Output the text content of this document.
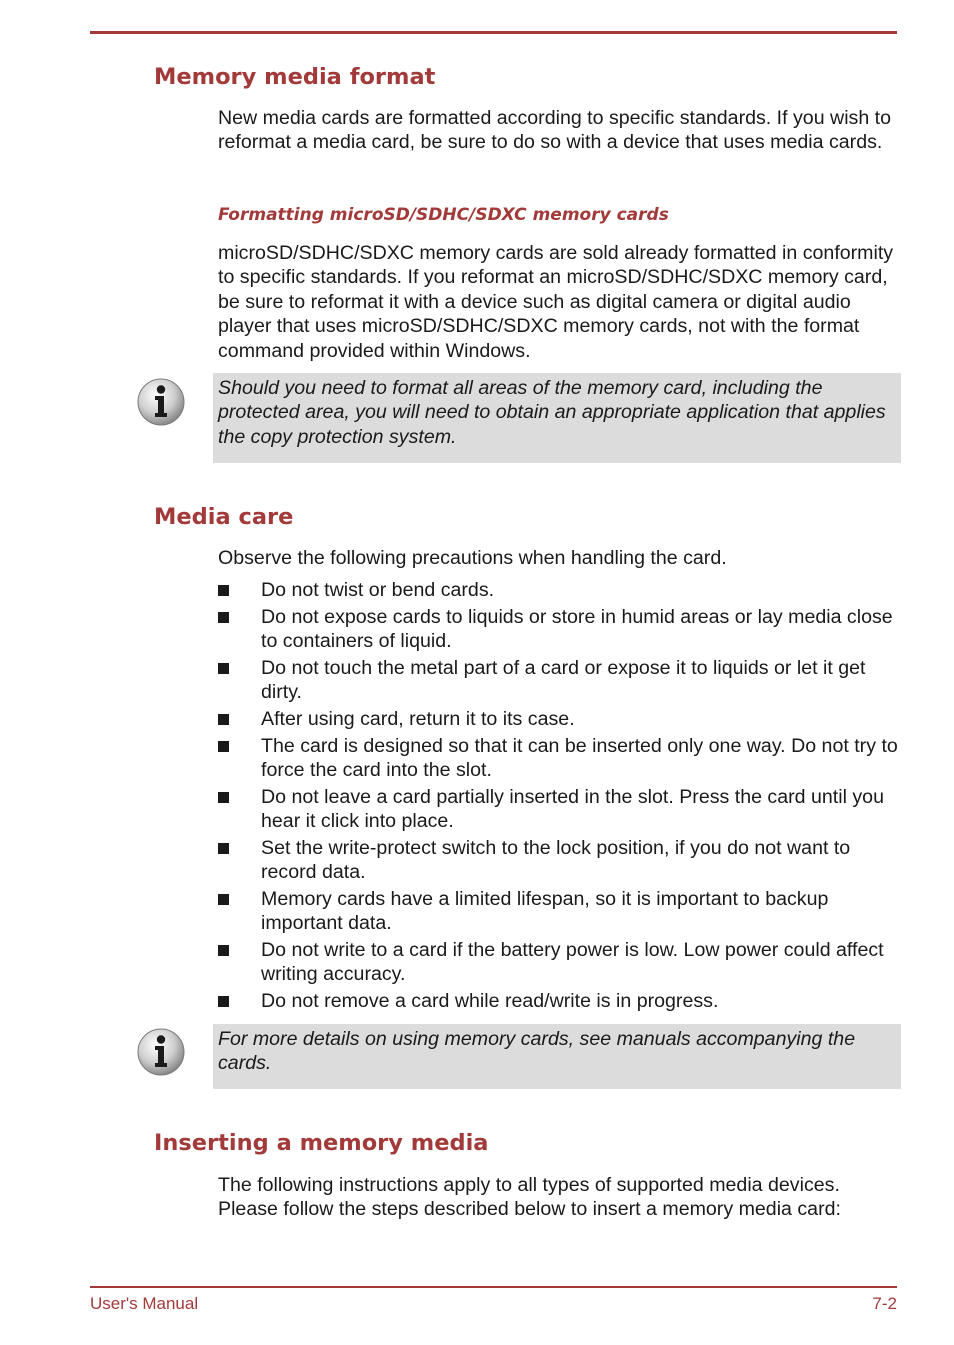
Memory media format

New media cards are formatted according to specific standards. If you wish to reformat a media card, be sure to do so with a device that uses media cards.

Formatting microSD/SDHC/SDXC memory cards

microSD/SDHC/SDXC memory cards are sold already formatted in conformity to specific standards. If you reformat an microSD/SDHC/SDXC memory card, be sure to reformat it with a device such as digital camera or digital audio player that uses microSD/SDHC/SDXC memory cards, not with the format command provided within Windows.

Should you need to format all areas of the memory card, including the protected area, you will need to obtain an appropriate application that applies the copy protection system.

Media care

Observe the following precautions when handling the card.

Do not twist or bend cards.
Do not expose cards to liquids or store in humid areas or lay media close to containers of liquid.
Do not touch the metal part of a card or expose it to liquids or let it get dirty.
After using card, return it to its case.
The card is designed so that it can be inserted only one way. Do not try to force the card into the slot.
Do not leave a card partially inserted in the slot. Press the card until you hear it click into place.
Set the write-protect switch to the lock position, if you do not want to record data.
Memory cards have a limited lifespan, so it is important to backup important data.
Do not write to a card if the battery power is low. Low power could affect writing accuracy.
Do not remove a card while read/write is in progress.

For more details on using memory cards, see manuals accompanying the cards.

Inserting a memory media

The following instructions apply to all types of supported media devices. Please follow the steps described below to insert a memory media card:

User's Manual	7-2
